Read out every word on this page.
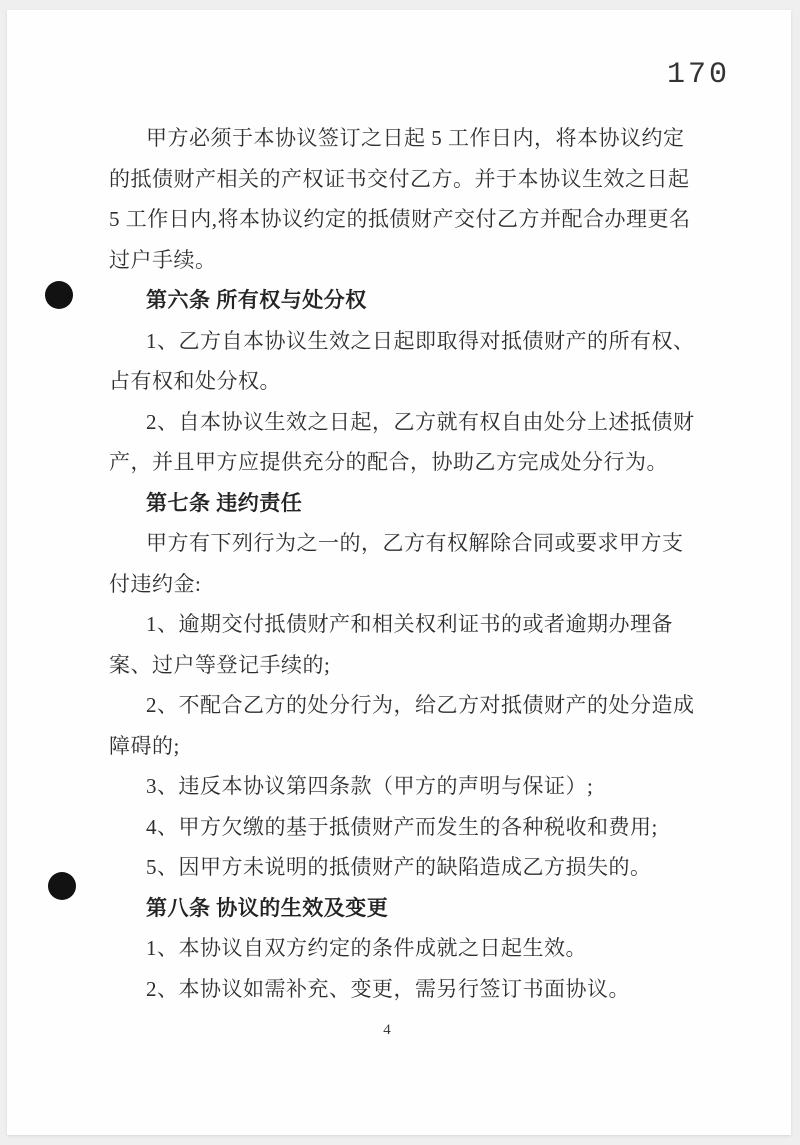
170
甲方必须于本协议签订之日起 5 工作日内，将本协议约定
的抵债财产相关的产权证书交付乙方。并于本协议生效之日起
5 工作日内,将本协议约定的抵债财产交付乙方并配合办理更名
过户手续。
第六条 所有权与处分权
1、乙方自本协议生效之日起即取得对抵债财产的所有权、
占有权和处分权。
2、自本协议生效之日起，乙方就有权自由处分上述抵债财
产，并且甲方应提供充分的配合，协助乙方完成处分行为。
第七条 违约责任
甲方有下列行为之一的，乙方有权解除合同或要求甲方支
付违约金:
1、逾期交付抵债财产和相关权利证书的或者逾期办理备
案、过户等登记手续的;
2、不配合乙方的处分行为，给乙方对抵债财产的处分造成
障碍的;
3、违反本协议第四条款（甲方的声明与保证）;
4、甲方欠缴的基于抵债财产而发生的各种税收和费用;
5、因甲方未说明的抵债财产的缺陷造成乙方损失的。
第八条 协议的生效及变更
1、本协议自双方约定的条件成就之日起生效。
2、本协议如需补充、变更，需另行签订书面协议。
4
